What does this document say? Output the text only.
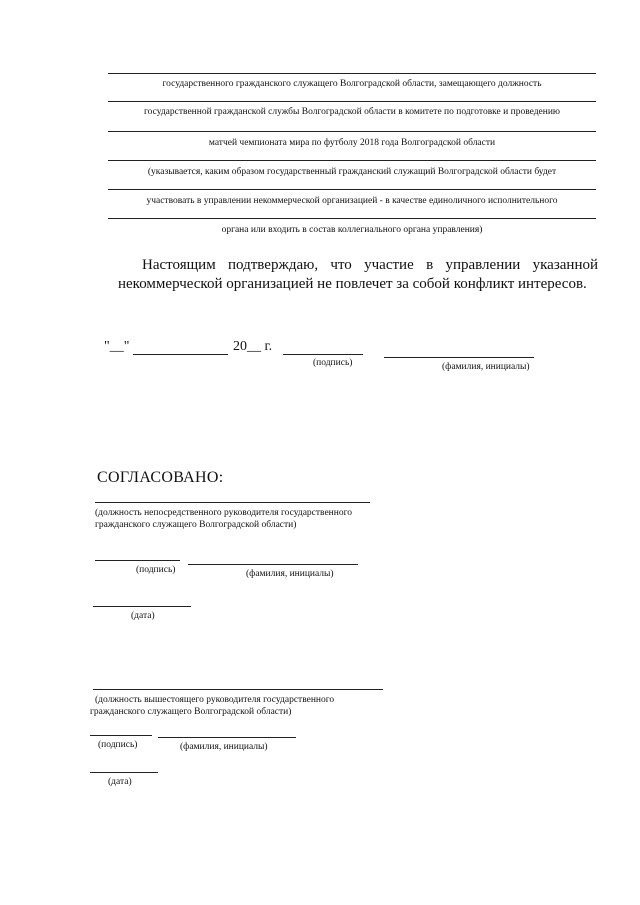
государственного гражданского служащего Волгоградской области, замещающего должность
государственной гражданской службы Волгоградской области в комитете по подготовке и проведению
матчей чемпионата мира по футболу 2018 года Волгоградской области
(указывается, каким образом государственный гражданский служащий Волгоградской области будет
участвовать в управлении некоммерческой организацией - в качестве единоличного исполнительного
органа или входить в состав коллегиального органа управления)
Настоящим подтверждаю, что участие в управлении указанной
некоммерческой организацией не повлечет за собой конфликт интересов.
"__"	20__ г.
(подпись)	(фамилия, инициалы)
СОГЛАСОВАНО:
(должность непосредственного руководителя государственного
гражданского служащего Волгоградской области)
(подпись)	(фамилия, инициалы)
(дата)
(должность вышестоящего руководителя государственного
гражданского служащего Волгоградской области)
(подпись)	(фамилия, инициалы)
(дата)
